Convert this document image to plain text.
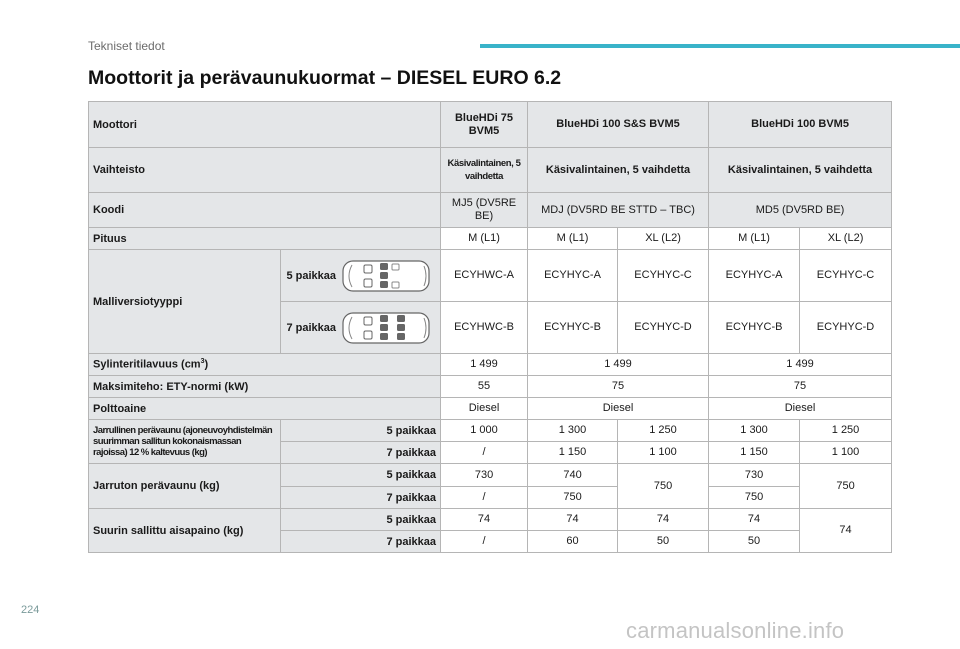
Tekniset tiedot
Moottorit ja perävaunukuormat – DIESEL EURO 6.2
Moottori		BlueHDi 75 BVM5	BlueHDi 100 S&S BVM5		BlueHDi 100 BVM5	
Vaihteisto		Käsivalintainen, 5 vaihdetta	Käsivalintainen, 5 vaihdetta		Käsivalintainen, 5 vaihdetta	
Koodi		MJ5 (DV5RE BE)	MDJ (DV5RD BE STTD – TBC)		MD5 (DV5RD BE)	
Pituus		M (L1)	M (L1)	XL (L2)	M (L1)	XL (L2)
Malliversiotyyppi	5 paikkaa	ECYHWC-A	ECYHYC-A	ECYHYC-C	ECYHYC-A	ECYHYC-C

	7 paikkaa	ECYHWC-B	ECYHYC-B	ECYHYC-D	ECYHYC-B	ECYHYC-D
Sylinteritilavuus $(cm^3)$		1 499	1 499		1 499	
Maksimiteho: ETY-normi (kW)		55	75		75	
Polttoaine		Diesel	Diesel		Diesel	
Jarrullinen perävaunu (ajoneuvoyhdistelmän suurimman sallitun kokonaismassan rajoissa) 12 % kaltevuus (kg)	5 paikkaa	1 000	1 300	1 250	1 300	1 250
	7 paikkaa	/	1 150	1 100	1 150	1 100
Jarruton perävaunu (kg)	5 paikkaa	730	740	750	730	750
	7 paikkaa	/	750		750	
Suurin sallittu aisapaino (kg)	5 paikkaa	74	74	74	74	74
	7 paikkaa	/	60	50	50	
224
carmanualsonline.info
